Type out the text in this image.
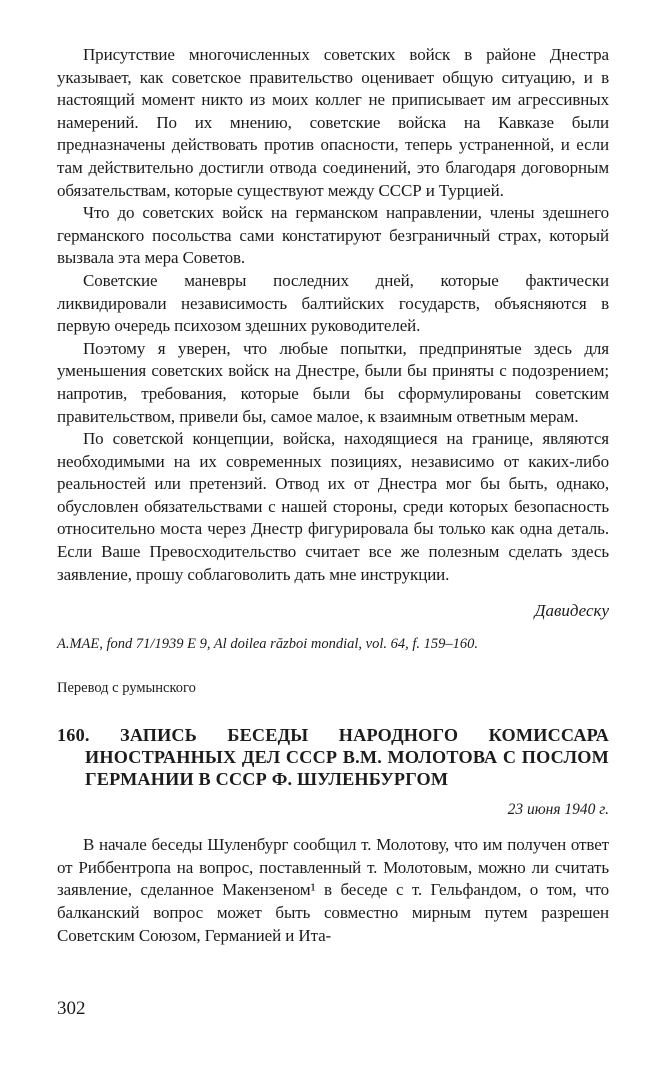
Присутствие многочисленных советских войск в районе Днестра указывает, как советское правительство оценивает общую ситуацию, и в настоящий момент никто из моих коллег не приписывает им агрессивных намерений. По их мнению, советские войска на Кавказе были предназначены действовать против опасности, теперь устраненной, и если там действительно достигли отвода соединений, это благодаря договорным обязательствам, которые существуют между СССР и Турцией.

Что до советских войск на германском направлении, члены здешнего германского посольства сами констатируют безграничный страх, который вызвала эта мера Советов.

Советские маневры последних дней, которые фактически ликвидировали независимость балтийских государств, объясняются в первую очередь психозом здешних руководителей.

Поэтому я уверен, что любые попытки, предпринятые здесь для уменьшения советских войск на Днестре, были бы приняты с подозрением; напротив, требования, которые были бы сформулированы советским правительством, привели бы, самое малое, к взаимным ответным мерам.

По советской концепции, войска, находящиеся на границе, являются необходимыми на их современных позициях, независимо от каких-либо реальностей или претензий. Отвод их от Днестра мог бы быть, однако, обусловлен обязательствами с нашей стороны, среди которых безопасность относительно моста через Днестр фигурировала бы только как одна деталь. Если Ваше Превосходительство считает все же полезным сделать здесь заявление, прошу соблаговолить дать мне инструкции.

Давидеску

A.MAE, fond 71/1939 E 9, Al doilea război mondial, vol. 64, f. 159–160.

Перевод с румынского

160. ЗАПИСЬ БЕСЕДЫ НАРОДНОГО КОМИССАРА ИНОСТРАННЫХ ДЕЛ СССР В.М. МОЛОТОВА С ПОСЛОМ ГЕРМАНИИ В СССР Ф. ШУЛЕНБУРГОМ

23 июня 1940 г.

В начале беседы Шуленбург сообщил т. Молотову, что им получен ответ от Риббентропа на вопрос, поставленный т. Молотовым, можно ли считать заявление, сделанное Макензеном¹ в беседе с т. Гельфандом, о том, что балканский вопрос может быть совместно мирным путем разрешен Советским Союзом, Германией и Ита-

302
